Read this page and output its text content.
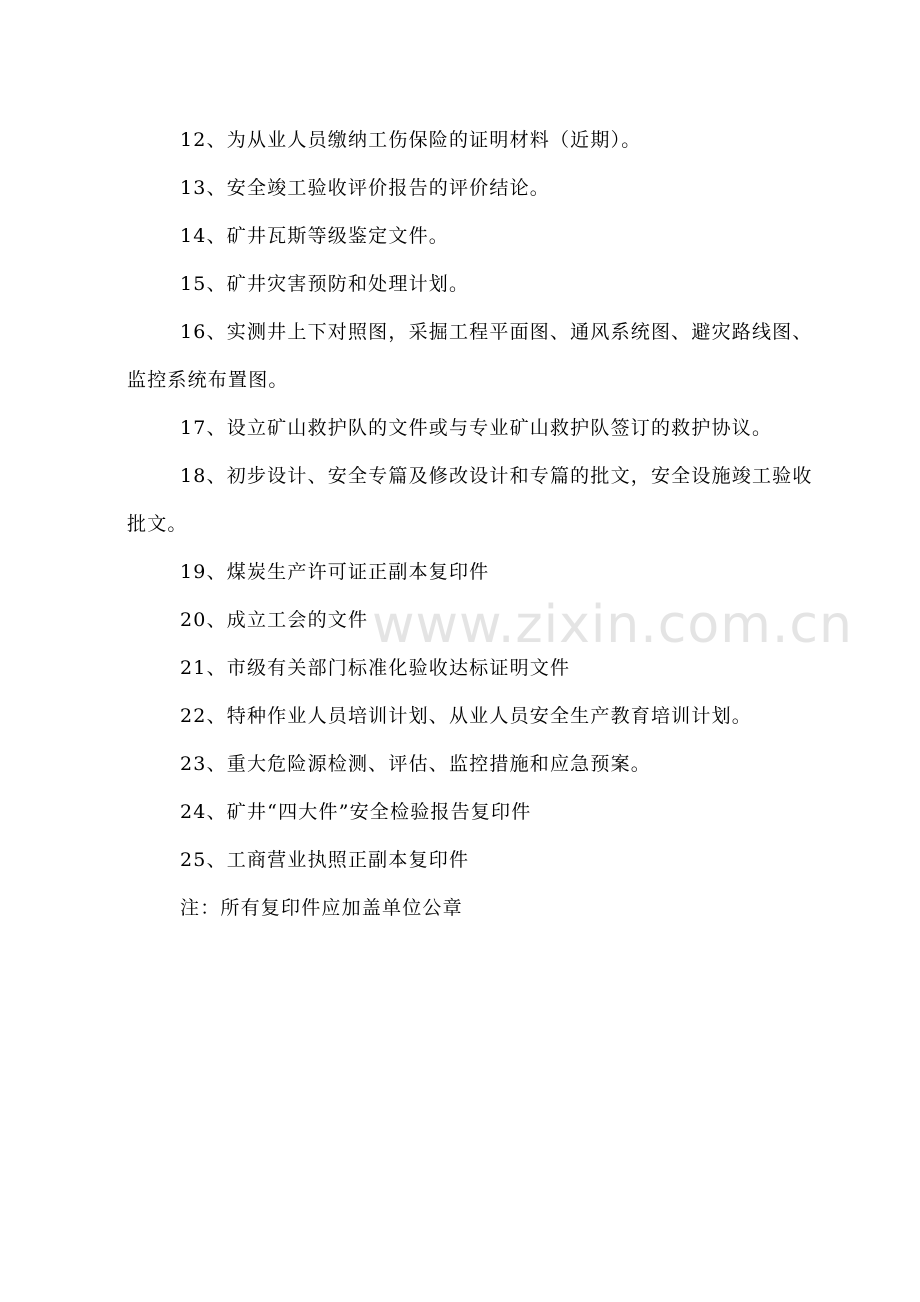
12、为从业人员缴纳工伤保险的证明材料（近期）。

13、安全竣工验收评价报告的评价结论。

14、矿井瓦斯等级鉴定文件。

15、矿井灾害预防和处理计划。

16、实测井上下对照图，采掘工程平面图、通风系统图、避灾路线图、监控系统布置图。

17、设立矿山救护队的文件或与专业矿山救护队签订的救护协议。

18、初步设计、安全专篇及修改设计和专篇的批文，安全设施竣工验收批文。

19、煤炭生产许可证正副本复印件

20、成立工会的文件

21、市级有关部门标准化验收达标证明文件

22、特种作业人员培训计划、从业人员安全生产教育培训计划。

23、重大危险源检测、评估、监控措施和应急预案。

24、矿井“四大件”安全检验报告复印件

25、工商营业执照正副本复印件

注：所有复印件应加盖单位公章

www.zixin.com.cn
